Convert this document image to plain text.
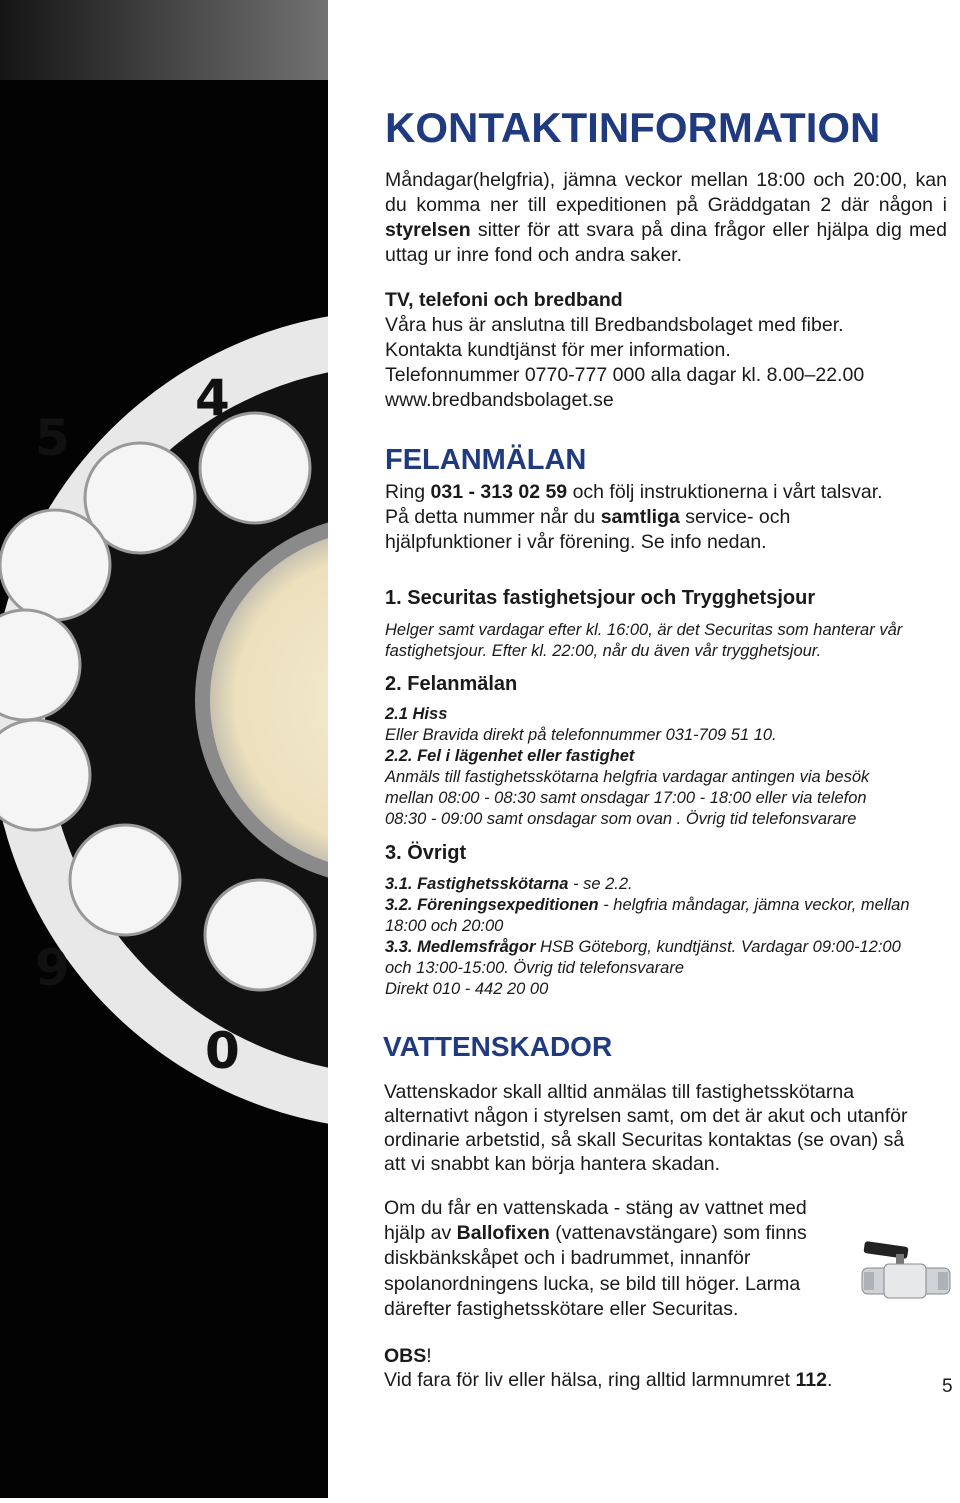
5
4
9
0
KONTAKTINFORMATION
Måndagar(helgfria), jämna veckor mellan 18:00 och 20:00, kan du komma ner till expeditionen på Gräddgatan 2 där någon i styrelsen sitter för att svara på dina frågor eller hjälpa dig med uttag ur inre fond och andra saker.
TV, telefoni och bredband
Våra hus är anslutna till Bredbandsbolaget med fiber.
Kontakta kundtjänst för mer information.
Telefonnummer 0770-777 000 alla dagar kl. 8.00–22.00
www.bredbandsbolaget.se
FELANMÄLAN
Ring 031 - 313 02 59 och följ instruktionerna i vårt talsvar.
På detta nummer når du samtliga service- och
hjälpfunktioner i vår förening. Se info nedan.
1. Securitas fastighetsjour och Trygghetsjour
Helger samt vardagar efter kl. 16:00, är det Securitas som hanterar vår
fastighetsjour. Efter kl. 22:00, når du även vår trygghetsjour.
2. Felanmälan
2.1 Hiss
Eller Bravida direkt på telefonnummer 031-709 51 10.
2.2. Fel i lägenhet eller fastighet
Anmäls till fastighetsskötarna helgfria vardagar antingen via besök
mellan 08:00 - 08:30 samt onsdagar 17:00 - 18:00 eller via telefon
08:30 - 09:00 samt onsdagar som ovan . Övrig tid telefonsvarare
3. Övrigt
3.1. Fastighetsskötarna - se 2.2.
3.2. Föreningsexpeditionen - helgfria måndagar, jämna veckor, mellan
18:00 och 20:00
3.3. Medlemsfrågor HSB Göteborg, kundtjänst. Vardagar 09:00-12:00
och 13:00-15:00. Övrig tid telefonsvarare
Direkt 010 - 442 20 00
VATTENSKADOR
Vattenskador skall alltid anmälas till fastighetsskötarna
alternativt någon i styrelsen samt, om det är akut och utanför
ordinarie arbetstid, så skall Securitas kontaktas (se ovan) så
att vi snabbt kan börja hantera skadan.
Om du får en vattenskada - stäng av vattnet med
hjälp av Ballofixen (vattenavstängare) som finns
diskbänkskåpet och i badrummet, innanför
spolanordningens lucka, se bild till höger. Larma
därefter fastighetsskötare eller Securitas.
OBS!
Vid fara för liv eller hälsa, ring alltid larmnumret 112.	5
